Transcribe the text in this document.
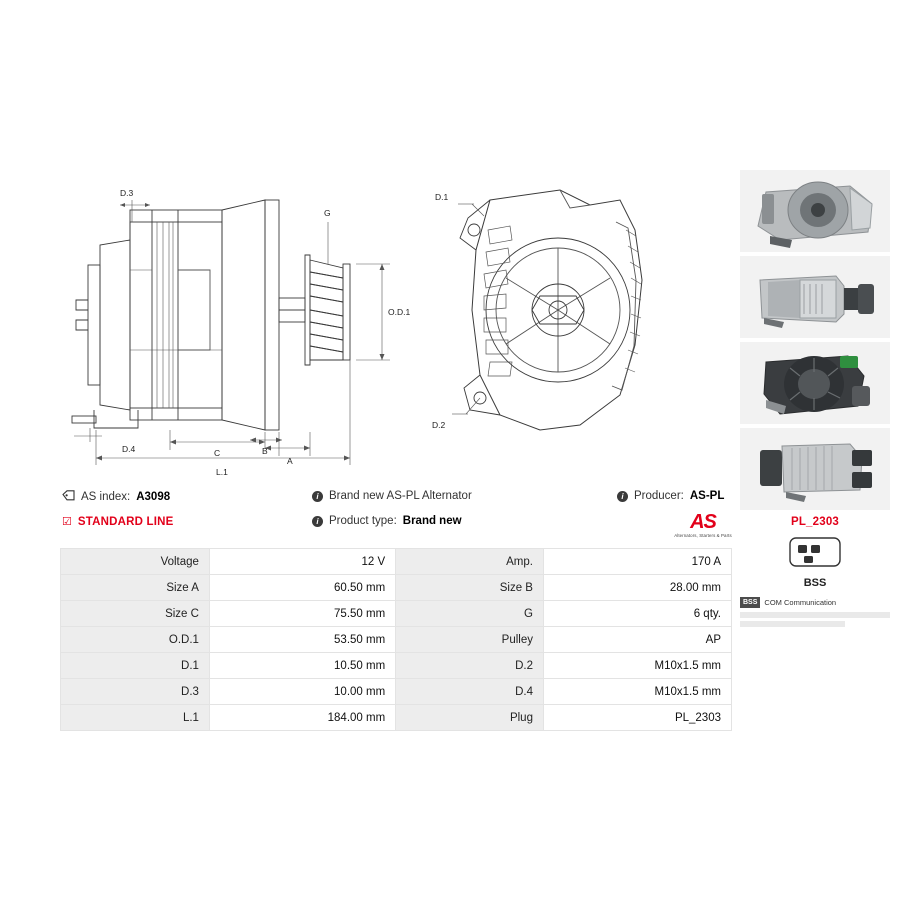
D.3
D.4
G
O.D.1
A
B
C
L.1
D.1
D.2
PL_2303
BSS
BSS COM Communication
AS index: A3098	i Brand new AS-PL Alternator	i Producer: AS-PL
☑ STANDARD LINE	i Product type: Brand new	AS
Alternators, Starters & Parts
Voltage	12 V	Amp.	170 A
Size A	60.50 mm	Size B	28.00 mm
Size C	75.50 mm	G	6 qty.
O.D.1	53.50 mm	Pulley	AP
D.1	10.50 mm	D.2	M10x1.5 mm
D.3	10.00 mm	D.4	M10x1.5 mm
L.1	184.00 mm	Plug	PL_2303
